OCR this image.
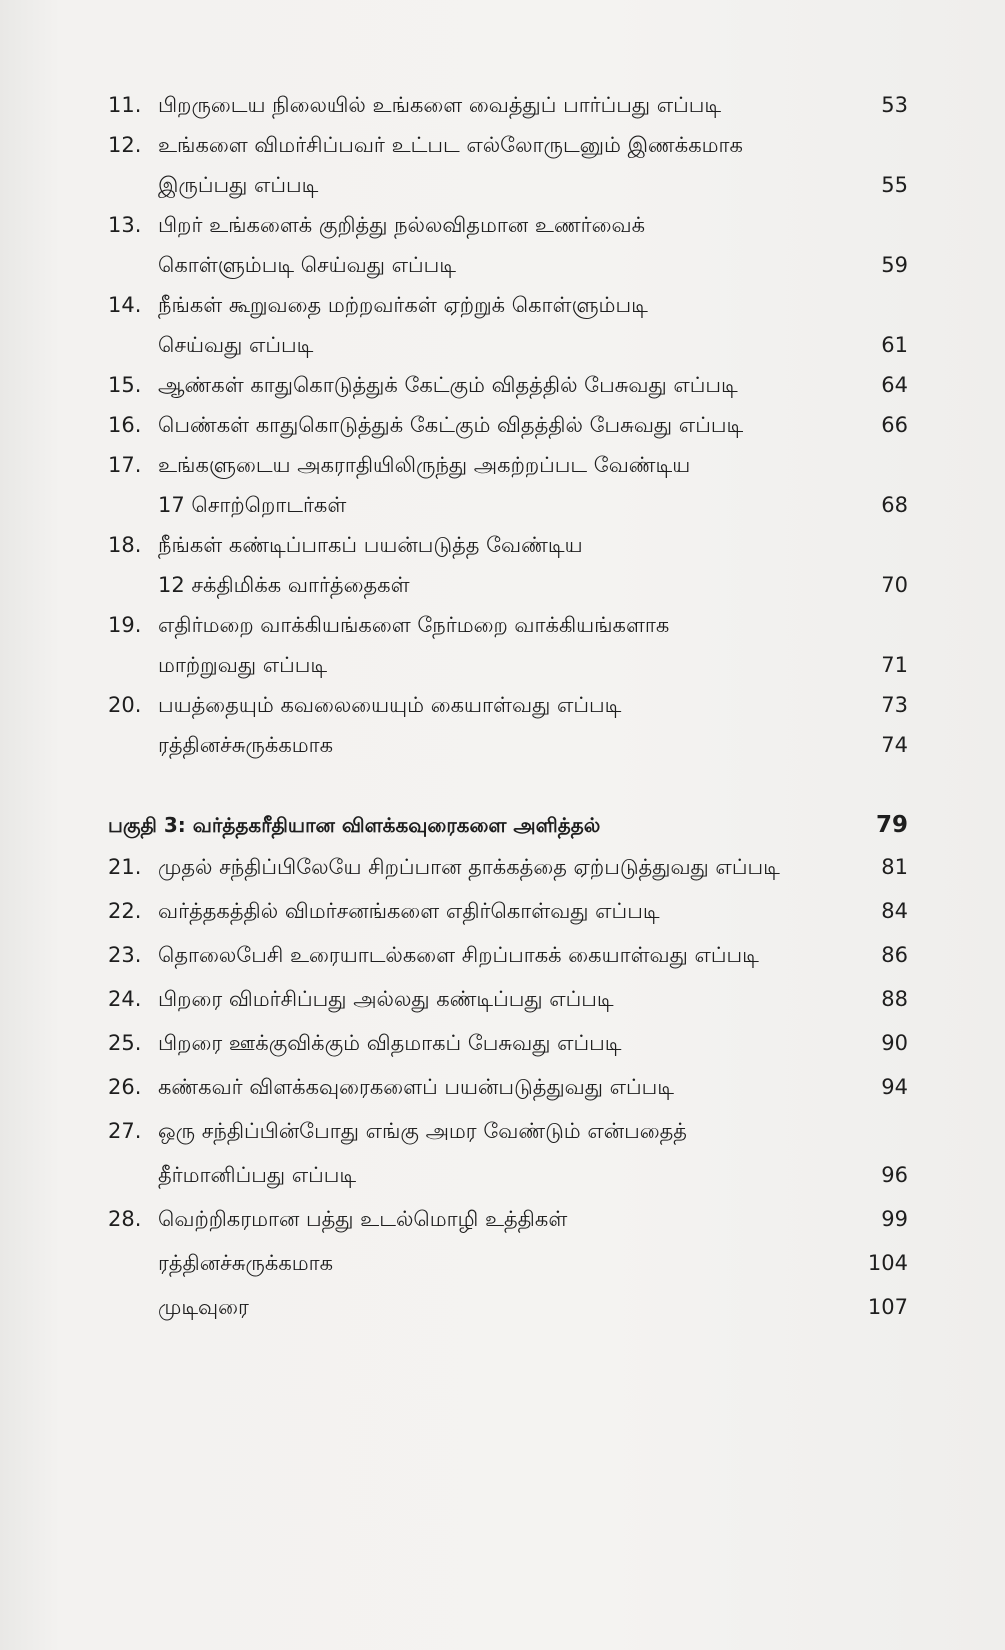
11. பிறருடைய நிலையில் உங்களை வைத்துப் பார்ப்பது எப்படி	53
12. உங்களை விமர்சிப்பவர் உட்பட எல்லோருடனும் இணக்கமாக
இருப்பது எப்படி	55
13. பிறர் உங்களைக் குறித்து நல்லவிதமான உணர்வைக்
கொள்ளும்படி செய்வது எப்படி	59
14. நீங்கள் கூறுவதை மற்றவர்கள் ஏற்றுக் கொள்ளும்படி
செய்வது எப்படி	61
15. ஆண்கள் காதுகொடுத்துக் கேட்கும் விதத்தில் பேசுவது எப்படி	64
16. பெண்கள் காதுகொடுத்துக் கேட்கும் விதத்தில் பேசுவது எப்படி	66
17. உங்களுடைய அகராதியிலிருந்து அகற்றப்பட வேண்டிய
17 சொற்றொடர்கள்	68
18. நீங்கள் கண்டிப்பாகப் பயன்படுத்த வேண்டிய
12 சக்திமிக்க வார்த்தைகள்	70
19. எதிர்மறை வாக்கியங்களை நேர்மறை வாக்கியங்களாக
மாற்றுவது எப்படி	71
20. பயத்தையும் கவலையையும் கையாள்வது எப்படி	73
ரத்தினச்சுருக்கமாக	74
பகுதி 3: வர்த்தகரீதியான விளக்கவுரைகளை அளித்தல்	79
21. முதல் சந்திப்பிலேயே சிறப்பான தாக்கத்தை ஏற்படுத்துவது எப்படி	81
22. வர்த்தகத்தில் விமர்சனங்களை எதிர்கொள்வது எப்படி	84
23. தொலைபேசி உரையாடல்களை சிறப்பாகக் கையாள்வது எப்படி	86
24. பிறரை விமர்சிப்பது அல்லது கண்டிப்பது எப்படி	88
25. பிறரை ஊக்குவிக்கும் விதமாகப் பேசுவது எப்படி	90
26. கண்கவர் விளக்கவுரைகளைப் பயன்படுத்துவது எப்படி	94
27. ஒரு சந்திப்பின்போது எங்கு அமர வேண்டும் என்பதைத்
தீர்மானிப்பது எப்படி	96
28. வெற்றிகரமான பத்து உடல்மொழி உத்திகள்	99
ரத்தினச்சுருக்கமாக	104
முடிவுரை	107
